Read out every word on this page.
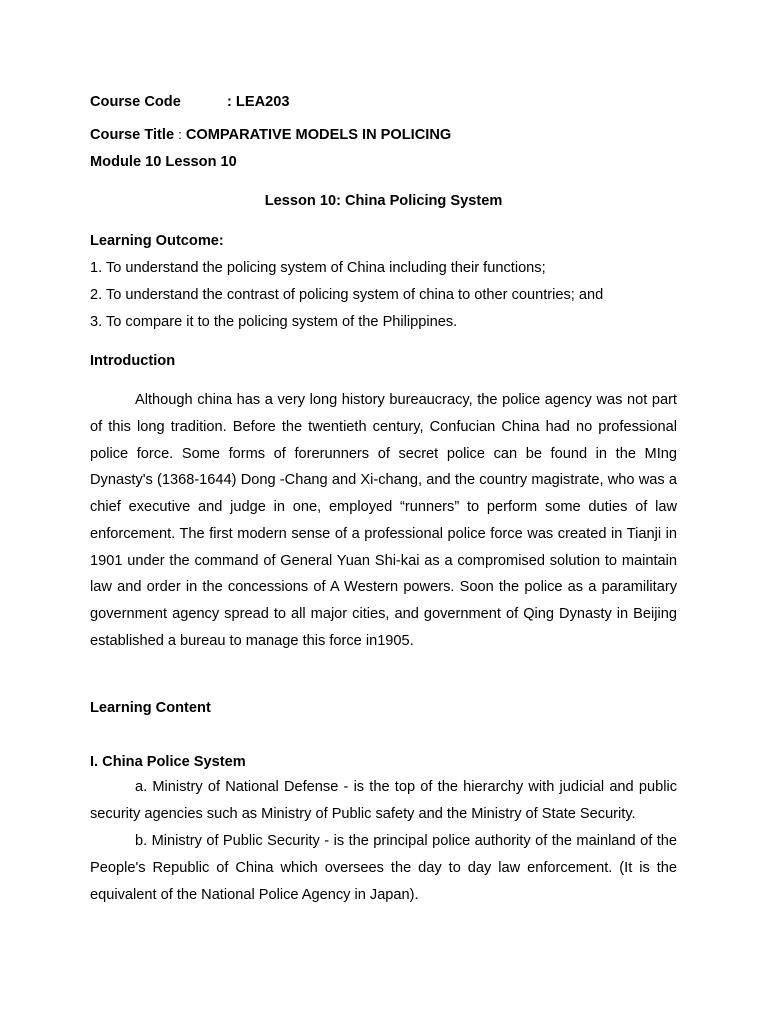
Course Code	: LEA203
Course Title : COMPARATIVE MODELS IN POLICING
Module 10 Lesson 10
Lesson 10: China Policing System
Learning Outcome:
1. To understand the policing system of China including their functions;
2. To understand the contrast of policing system of china to other countries; and
3. To compare it to the policing system of the Philippines.
Introduction
Although china has a very long history bureaucracy, the police agency was not part of this long tradition. Before the twentieth century, Confucian China had no professional police force. Some forms of forerunners of secret police can be found in the MIng Dynasty's (1368-1644) Dong -Chang and Xi-chang, and the country magistrate, who was a chief executive and judge in one, employed “runners” to perform some duties of law enforcement. The first modern sense of a professional police force was created in Tianji in 1901 under the command of General Yuan Shi-kai as a compromised solution to maintain law and order in the concessions of A Western powers. Soon the police as a paramilitary government agency spread to all major cities, and government of Qing Dynasty in Beijing established a bureau to manage this force in1905.
Learning Content
I. China Police System
a. Ministry of National Defense - is the top of the hierarchy with judicial and public security agencies such as Ministry of Public safety and the Ministry of State Security.
b. Ministry of Public Security - is the principal police authority of the mainland of the People's Republic of China which oversees the day to day law enforcement. (It is the equivalent of the National Police Agency in Japan).
